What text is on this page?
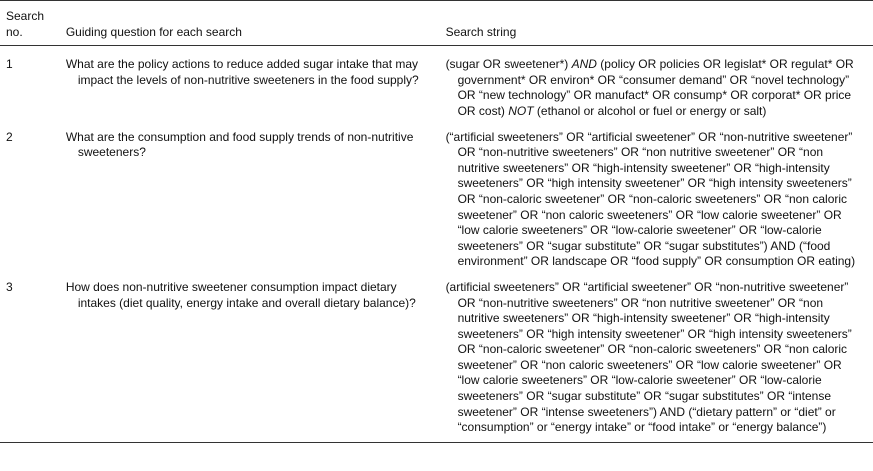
Search no.	Guiding question for each search	Search string
1	What are the policy actions to reduce added sugar intake that may impact the levels of non-nutritive sweeteners in the food supply?	(sugar OR sweetener*) AND (policy OR policies OR legislat* OR regulat* OR government* OR environ* OR “consumer demand” OR “novel technology” OR “new technology” OR manufact* OR consump* OR corporat* OR price OR cost) NOT (ethanol or alcohol or fuel or energy or salt)

2	What are the consumption and food supply trends of non-nutritive sweeteners?	(“artificial sweeteners” OR “artificial sweetener” OR “non-nutritive sweetener” OR “non-nutritive sweeteners” OR “non nutritive sweetener” OR “non nutritive sweeteners” OR “high-intensity sweetener” OR “high-intensity sweeteners” OR “high intensity sweetener” OR “high intensity sweeteners” OR “non-caloric sweetener” OR “non-caloric sweeteners” OR “non caloric sweetener” OR “non caloric sweeteners” OR “low calorie sweetener” OR “low calorie sweeteners” OR “low-calorie sweetener” OR “low-calorie sweeteners” OR “sugar substitute” OR “sugar substitutes”) AND (“food environment” OR landscape OR “food supply” OR consumption OR eating)

3	How does non-nutritive sweetener consumption impact dietary intakes (diet quality, energy intake and overall dietary balance)?	(artificial sweeteners” OR “artificial sweetener” OR “non-nutritive sweetener” OR “non-nutritive sweeteners” OR “non nutritive sweetener” OR “non nutritive sweeteners” OR “high-intensity sweetener” OR “high-intensity sweeteners” OR “high intensity sweetener” OR “high intensity sweeteners” OR “non-caloric sweetener” OR “non-caloric sweeteners” OR “non caloric sweetener” OR “non caloric sweeteners” OR “low calorie sweetener” OR “low calorie sweeteners” OR “low-calorie sweetener” OR “low-calorie sweeteners” OR “sugar substitute” OR “sugar substitutes” OR “intense sweetener” OR “intense sweeteners”) AND (“dietary pattern” or “diet” or “consumption” or “energy intake” or “food intake” or “energy balance”)
